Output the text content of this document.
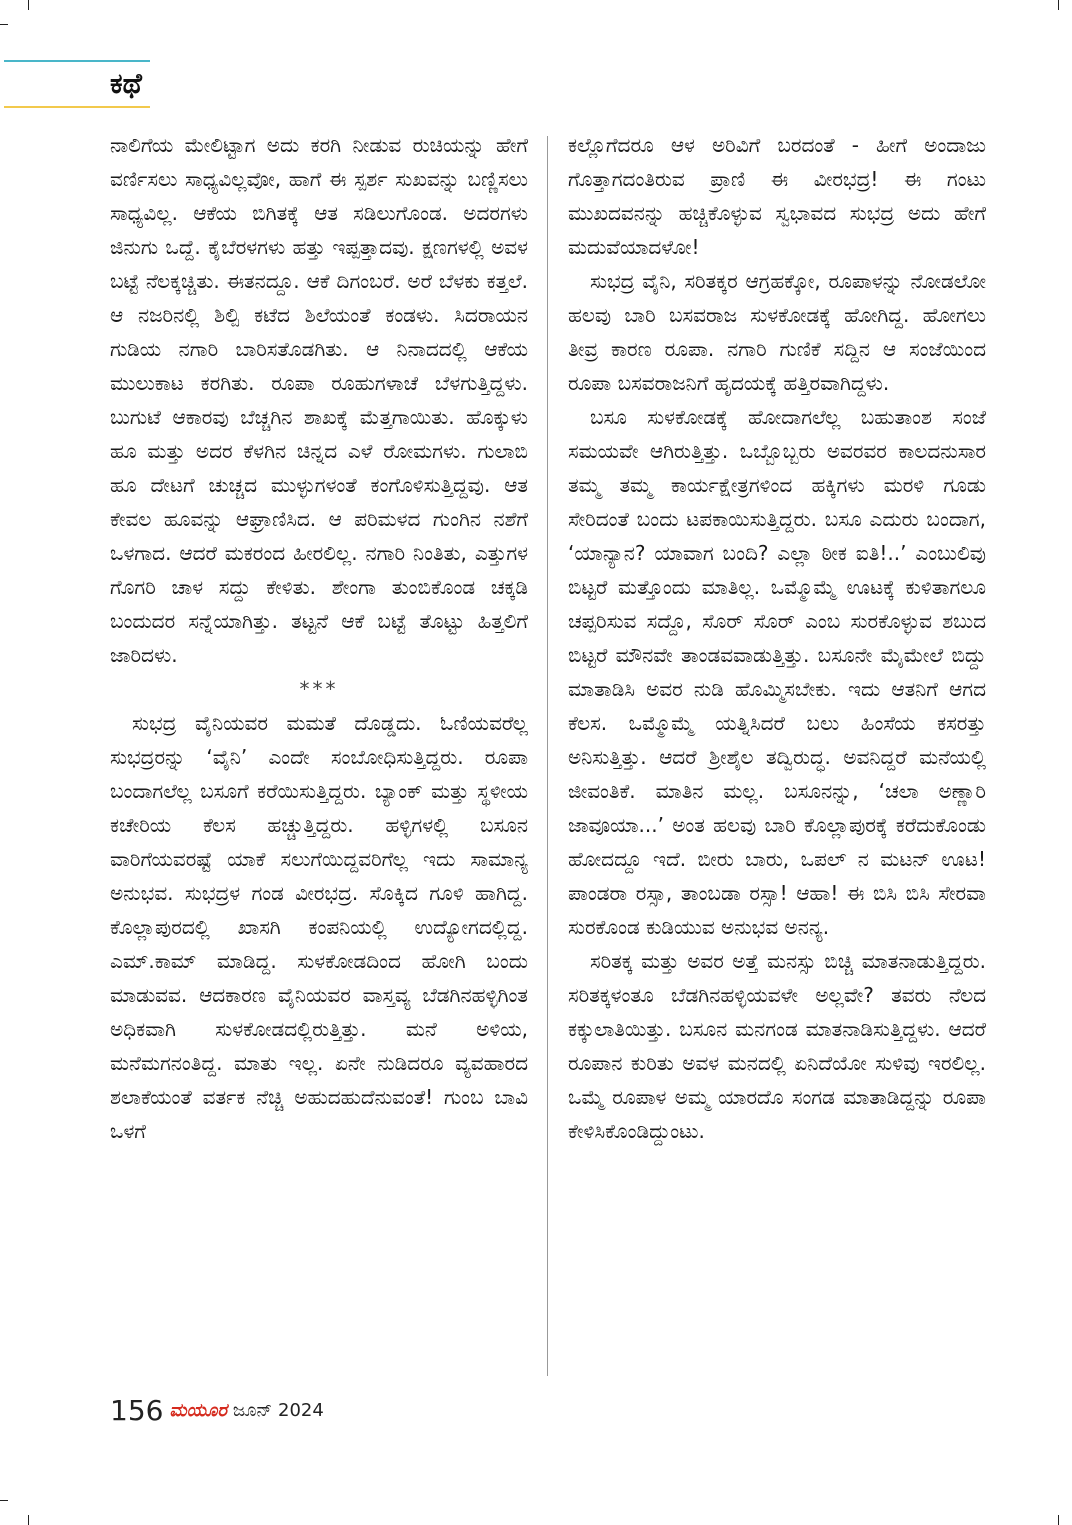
ಕಥೆ

ನಾಲಿಗೆಯ ಮೇಲಿಟ್ಟಾಗ ಅದು ಕರಗಿ ನೀಡುವ ರುಚಿಯನ್ನು ಹೇಗೆ ವರ್ಣಿಸಲು ಸಾಧ್ಯವಿಲ್ಲವೋ, ಹಾಗೆ ಈ ಸ್ಪರ್ಶ ಸುಖವನ್ನು ಬಣ್ಣಿಸಲು ಸಾಧ್ಯವಿಲ್ಲ. ಆಕೆಯ ಬಿಗಿತಕ್ಕೆ ಆತ ಸಡಿಲುಗೊಂಡ. ಅದರಗಳು ಜಿನುಗು ಒದ್ದೆ. ಕೈಬೆರಳಗಳು ಹತ್ತು ಇಪ್ಪತ್ತಾದವು. ಕ್ಷಣಗಳಲ್ಲಿ ಅವಳ ಬಟ್ಟೆ ನೆಲಕ್ಕಚ್ಚಿತು. ಈತನದ್ದೂ. ಆಕೆ ದಿಗಂಬರೆ. ಅರೆ ಬೆಳಕು ಕತ್ತಲೆ. ಆ ನಜರಿನಲ್ಲಿ ಶಿಲ್ಪಿ ಕಟೆದ ಶಿಲೆಯಂತೆ ಕಂಡಳು. ಸಿದರಾಯನ ಗುಡಿಯ ನಗಾರಿ ಬಾರಿಸತೊಡಗಿತು. ಆ ನಿನಾದದಲ್ಲಿ ಆಕೆಯ ಮುಲುಕಾಟ ಕರಗಿತು. ರೂಪಾ ರೂಹುಗಳಾಚೆ ಬೆಳಗುತ್ತಿದ್ದಳು. ಬುಗುಟೆ ಆಕಾರವು ಬೆಚ್ಚಗಿನ ಶಾಖಕ್ಕೆ ಮೆತ್ತಗಾಯಿತು. ಹೊಕ್ಕುಳು ಹೂ ಮತ್ತು ಅದರ ಕೆಳಗಿನ ಚಿನ್ನದ ಎಳೆ ರೋಮಗಳು. ಗುಲಾಬಿ ಹೂ ದೇಟಗೆ ಚುಚ್ಚದ ಮುಳ್ಳುಗಳಂತೆ ಕಂಗೊಳಿಸುತ್ತಿದ್ದವು. ಆತ ಕೇವಲ ಹೂವನ್ನು ಆಘ್ರಾಣಿಸಿದ. ಆ ಪರಿಮಳದ ಗುಂಗಿನ ನಶೆಗೆ ಒಳಗಾದ. ಆದರೆ ಮಕರಂದ ಹೀರಲಿಲ್ಲ. ನಗಾರಿ ನಿಂತಿತು, ಎತ್ತುಗಳ ಗೊಗರಿ ಚಾಳ ಸದ್ದು ಕೇಳಿತು. ಶೇಂಗಾ ತುಂಬಿಕೊಂಡ ಚಕ್ಕಡಿ ಬಂದುದರ ಸನ್ನೆಯಾಗಿತ್ತು. ತಟ್ಟನೆ ಆಕೆ ಬಟ್ಟೆ ತೊಟ್ಟು ಹಿತ್ತಲಿಗೆ ಜಾರಿದಳು.

***

ಸುಭದ್ರ ವೈನಿಯವರ ಮಮತೆ ದೊಡ್ಡದು. ಓಣಿಯವರೆಲ್ಲ ಸುಭದ್ರರನ್ನು ‘ವೈನಿ’ ಎಂದೇ ಸಂಬೋಧಿಸುತ್ತಿದ್ದರು. ರೂಪಾ ಬಂದಾಗಲೆಲ್ಲ ಬಸೂಗೆ ಕರೆಯಿಸುತ್ತಿದ್ದರು. ಬ್ಯಾಂಕ್ ಮತ್ತು ಸ್ಥಳೀಯ ಕಚೇರಿಯ ಕೆಲಸ ಹಚ್ಚುತ್ತಿದ್ದರು. ಹಳ್ಳಿಗಳಲ್ಲಿ ಬಸೂನ ವಾರಿಗೆಯವರಷ್ಟೆ ಯಾಕೆ ಸಲುಗೆಯಿದ್ದವರಿಗೆಲ್ಲ ಇದು ಸಾಮಾನ್ಯ ಅನುಭವ. ಸುಭದ್ರಳ ಗಂಡ ವೀರಭದ್ರ. ಸೊಕ್ಕಿದ ಗೂಳಿ ಹಾಗಿದ್ದ. ಕೊಲ್ಲಾಪುರದಲ್ಲಿ ಖಾಸಗಿ ಕಂಪನಿಯಲ್ಲಿ ಉದ್ಯೋಗದಲ್ಲಿದ್ದ. ಎಮ್.ಕಾಮ್ ಮಾಡಿದ್ದ. ಸುಳಕೋಡದಿಂದ ಹೋಗಿ ಬಂದು ಮಾಡುವವ. ಆದಕಾರಣ ವೈನಿಯವರ ವಾಸ್ತವ್ಯ ಬೆಡಗಿನಹಳ್ಳಿಗಿಂತ ಅಧಿಕವಾಗಿ ಸುಳಕೋಡದಲ್ಲಿರುತ್ತಿತ್ತು. ಮನೆ ಅಳಿಯ, ಮನೆಮಗನಂತಿದ್ದ. ಮಾತು ಇಲ್ಲ. ಏನೇ ನುಡಿದರೂ ವ್ಯವಹಾರದ ಶಲಾಕೆಯಂತೆ ವರ್ತಕ ನೆಚ್ಚಿ ಅಹುದಹುದೆನುವಂತೆ! ಗುಂಬ ಬಾವಿ ಒಳಗೆ

ಕಲ್ಲೊಗೆದರೂ ಆಳ ಅರಿವಿಗೆ ಬರದಂತೆ - ಹೀಗೆ ಅಂದಾಜು ಗೊತ್ತಾಗದಂತಿರುವ ಪ್ರಾಣಿ ಈ ವೀರಭದ್ರ! ಈ ಗಂಟು ಮುಖದವನನ್ನು ಹಚ್ಚಿಕೊಳ್ಳುವ ಸ್ವಭಾವದ ಸುಭದ್ರ ಅದು ಹೇಗೆ ಮದುವೆಯಾದಳೋ!

ಸುಭದ್ರ ವೈನಿ, ಸರಿತಕ್ಕರ ಆಗ್ರಹಕ್ಕೋ, ರೂಪಾಳನ್ನು ನೋಡಲೋ ಹಲವು ಬಾರಿ ಬಸವರಾಜ ಸುಳಕೋಡಕ್ಕೆ ಹೋಗಿದ್ದ. ಹೋಗಲು ತೀವ್ರ ಕಾರಣ ರೂಪಾ. ನಗಾರಿ ಗುಣಿಕೆ ಸದ್ದಿನ ಆ ಸಂಜೆಯಿಂದ ರೂಪಾ ಬಸವರಾಜನಿಗೆ ಹೃದಯಕ್ಕೆ ಹತ್ತಿರವಾಗಿದ್ದಳು.

ಬಸೂ ಸುಳಕೋಡಕ್ಕೆ ಹೋದಾಗಲೆಲ್ಲ ಬಹುತಾಂಶ ಸಂಜೆ ಸಮಯವೇ ಆಗಿರುತ್ತಿತ್ತು. ಒಬ್ಬೊಬ್ಬರು ಅವರವರ ಕಾಲದನುಸಾರ ತಮ್ಮ ತಮ್ಮ ಕಾರ್ಯಕ್ಷೇತ್ರಗಳಿಂದ ಹಕ್ಕಿಗಳು ಮರಳಿ ಗೂಡು ಸೇರಿದಂತೆ ಬಂದು ಟಪಕಾಯಿಸುತ್ತಿದ್ದರು. ಬಸೂ ಎದುರು ಬಂದಾಗ, ‘ಯಾನ್ಯಾನ? ಯಾವಾಗ ಬಂದಿ? ಎಲ್ಲಾ ಠೀಕ ಐತಿ!..’ ಎಂಬುಲಿವು ಬಿಟ್ಟರೆ ಮತ್ತೊಂದು ಮಾತಿಲ್ಲ. ಒಮ್ಮೊಮ್ಮೆ ಊಟಕ್ಕೆ ಕುಳಿತಾಗಲೂ ಚಪ್ಪರಿಸುವ ಸದ್ದೊ, ಸೊರ್ ಸೊರ್ ಎಂಬ ಸುರಕೊಳ್ಳುವ ಶಬುದ ಬಿಟ್ಟರೆ ಮೌನವೇ ತಾಂಡವವಾಡುತ್ತಿತ್ತು. ಬಸೂನೇ ಮೈಮೇಲೆ ಬಿದ್ದು ಮಾತಾಡಿಸಿ ಅವರ ನುಡಿ ಹೊಮ್ಮಿಸಬೇಕು. ಇದು ಆತನಿಗೆ ಆಗದ ಕೆಲಸ. ಒಮ್ಮೊಮ್ಮೆ ಯತ್ನಿಸಿದರೆ ಬಲು ಹಿಂಸೆಯ ಕಸರತ್ತು ಅನಿಸುತ್ತಿತ್ತು. ಆದರೆ ಶ್ರೀಶೈಲ ತದ್ವಿರುದ್ಧ. ಅವನಿದ್ದರೆ ಮನೆಯಲ್ಲಿ ಜೀವಂತಿಕೆ. ಮಾತಿನ ಮಲ್ಲ. ಬಸೂನನ್ನು, ‘ಚಲಾ ಅಣ್ಣಾರಿ ಜಾವೂಯಾ...’ ಅಂತ ಹಲವು ಬಾರಿ ಕೊಲ್ಲಾಪುರಕ್ಕೆ ಕರೆದುಕೊಂಡು ಹೋದದ್ದೂ ಇದೆ. ಬೀರು ಬಾರು, ಒಪಲ್ ನ ಮಟನ್ ಊಟ! ಪಾಂಡರಾ ರಸ್ಸಾ, ತಾಂಬಡಾ ರಸ್ಸಾ! ಆಹಾ! ಈ ಬಿಸಿ ಬಿಸಿ ಸೇರವಾ ಸುರಕೊಂಡ ಕುಡಿಯುವ ಅನುಭವ ಅನನ್ಯ.

ಸರಿತಕ್ಕ ಮತ್ತು ಅವರ ಅತ್ತೆ ಮನಸ್ಸು ಬಿಚ್ಚಿ ಮಾತನಾಡುತ್ತಿದ್ದರು. ಸರಿತಕ್ಕಳಂತೂ ಬೆಡಗಿನಹಳ್ಳಿಯವಳೇ ಅಲ್ಲವೇ? ತವರು ನೆಲದ ಕಕ್ಕುಲಾತಿಯಿತ್ತು. ಬಸೂನ ಮನಗಂಡ ಮಾತನಾಡಿಸುತ್ತಿದ್ದಳು. ಆದರೆ ರೂಪಾನ ಕುರಿತು ಅವಳ ಮನದಲ್ಲಿ ಏನಿದೆಯೋ ಸುಳಿವು ಇರಲಿಲ್ಲ. ಒಮ್ಮೆ ರೂಪಾಳ ಅಮ್ಮ ಯಾರದೊ ಸಂಗಡ ಮಾತಾಡಿದ್ದನ್ನು ರೂಪಾ ಕೇಳಿಸಿಕೊಂಡಿದ್ದುಂಟು.

156 ಮಯೂರ ಜೂನ್ 2024
